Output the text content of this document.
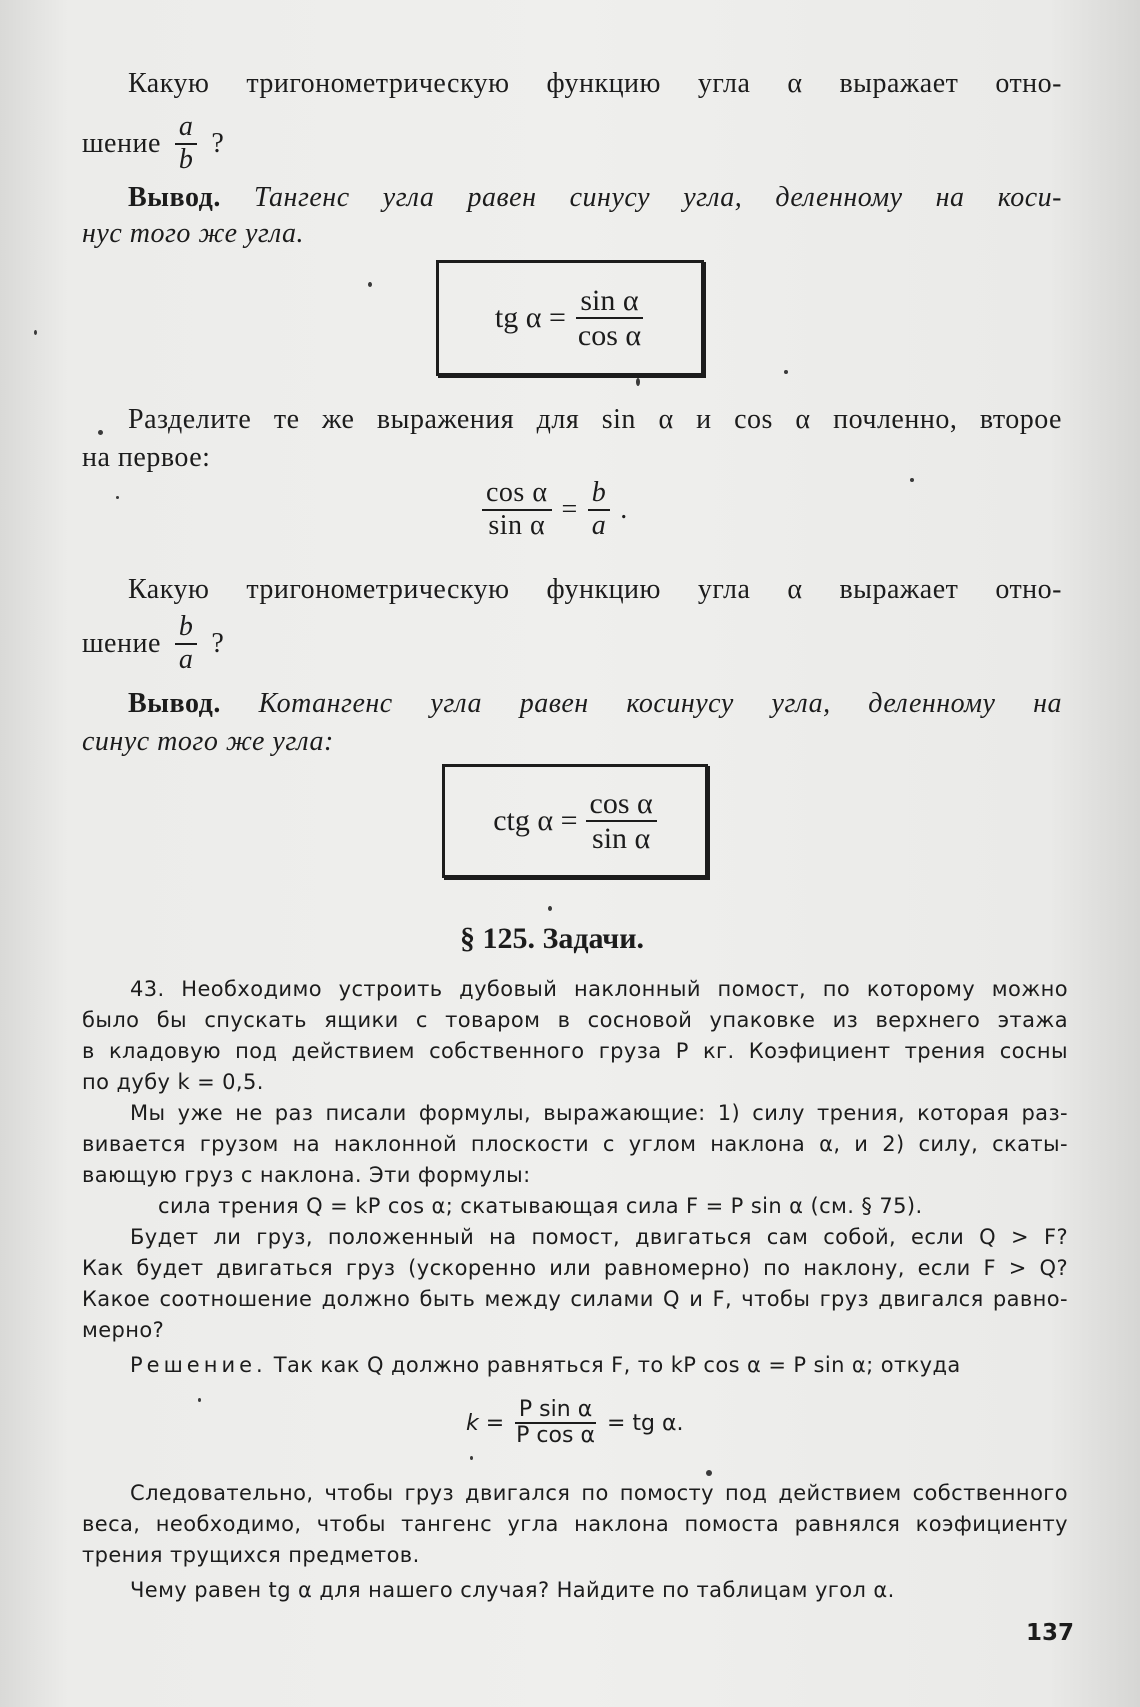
Какую тригонометрическую функцию угла α выражает отно-
шение $\frac{a}{b}$ ?
Вывод. Тангенс угла равен синусу угла, деленному на коси-
нус того же угла.
tg $\alpha = \frac{\text{sin α}}{\text{cos α}}$
Разделите те же выражения для sin α и cos α почленно, второе
на первое:
$\frac{\text{cos α}}{\text{sin α}} = \frac{b}{a}$ .
Какую тригонометрическую функцию угла α выражает отно-
шение $\frac{b}{a}$ ?
Вывод. Котангенс угла равен косинусу угла, деленному на
синус того же угла:
ctg $\alpha = \frac{\text{cos α}}{\text{sin α}}$
§ 125. Задачи.
43. Необходимо устроить дубовый наклонный помост, по которому можно
было бы спускать ящики с товаром в сосновой упаковке из верхнего этажа
в кладовую под действием собственного груза P кг. Коэфициент трения сосны
по дубу k = 0,5.
Мы уже не раз писали формулы, выражающие: 1) силу трения, которая раз-
вивается грузом на наклонной плоскости с углом наклона α, и 2) силу, скаты-
вающую груз с наклона. Эти формулы:
сила трения Q = kP cos α; скатывающая сила F = P sin α (см. § 75).
Будет ли груз, положенный на помост, двигаться сам собой, если Q > F?
Как будет двигаться груз (ускоренно или равномерно) по наклону, если F > Q?
Какое соотношение должно быть между силами Q и F, чтобы груз двигался равно-
мерно?
Решение. Так как Q должно равняться F, то kP cos α = P sin α; откуда
$k = \frac{\text{P sin α}}{\text{P cos α}}$ = tg α.
Следовательно, чтобы груз двигался по помосту под действием собственного
веса, необходимо, чтобы тангенс угла наклона помоста равнялся коэфициенту
трения трущихся предметов.
Чему равен tg α для нашего случая? Найдите по таблицам угол α.
137
